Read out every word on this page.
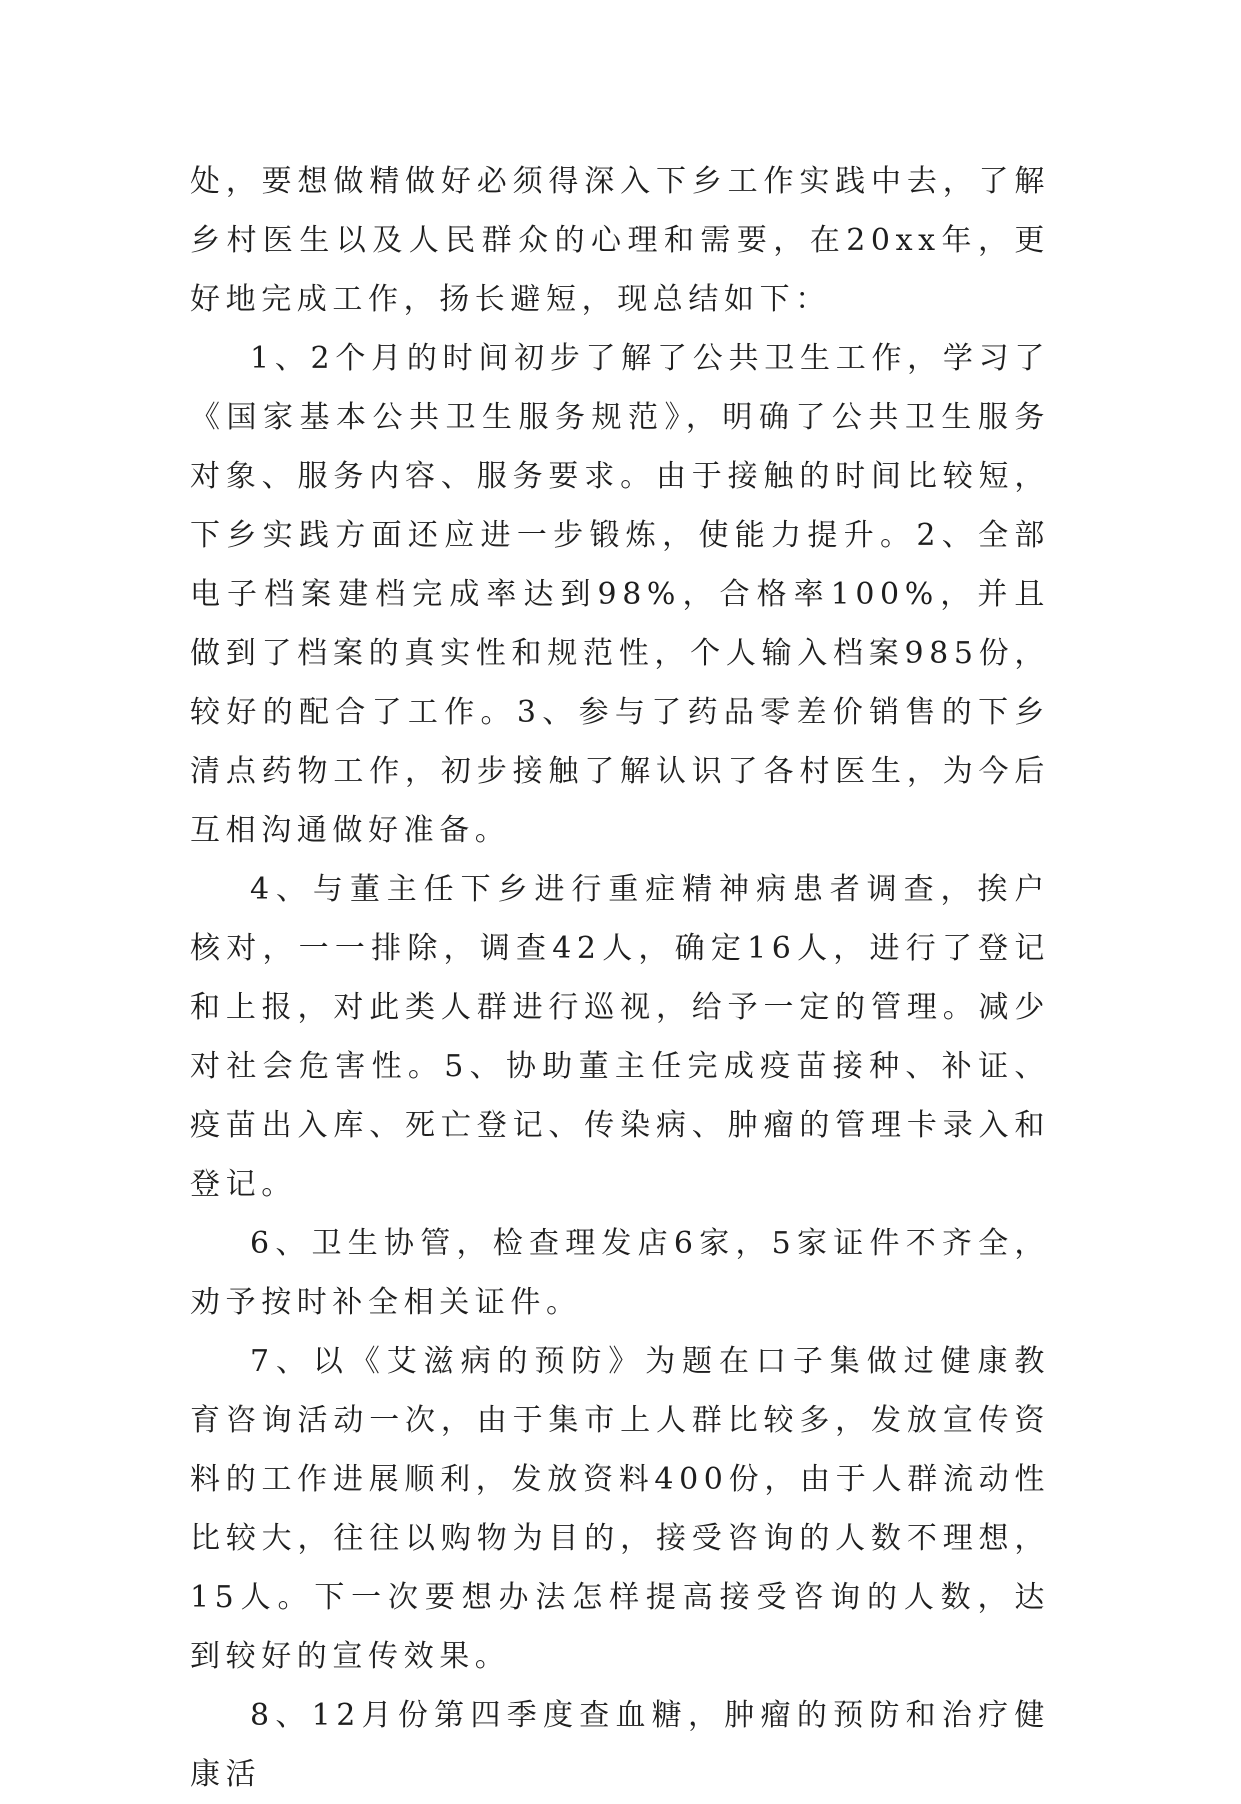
处，要想做精做好必须得深入下乡工作实践中去，了解乡村医生以及人民群众的心理和需要，在20xx年，更好地完成工作，扬长避短，现总结如下：

1、2个月的时间初步了解了公共卫生工作，学习了《国家基本公共卫生服务规范》，明确了公共卫生服务对象、服务内容、服务要求。由于接触的时间比较短，下乡实践方面还应进一步锻炼，使能力提升。2、全部电子档案建档完成率达到98%，合格率100%，并且做到了档案的真实性和规范性，个人输入档案985份，较好的配合了工作。3、参与了药品零差价销售的下乡清点药物工作，初步接触了解认识了各村医生，为今后互相沟通做好准备。

4、与董主任下乡进行重症精神病患者调查，挨户核对，一一排除，调查42人，确定16人，进行了登记和上报，对此类人群进行巡视，给予一定的管理。减少对社会危害性。5、协助董主任完成疫苗接种、补证、疫苗出入库、死亡登记、传染病、肿瘤的管理卡录入和登记。

6、卫生协管，检查理发店6家，5家证件不齐全，劝予按时补全相关证件。

7、以《艾滋病的预防》为题在口子集做过健康教育咨询活动一次，由于集市上人群比较多，发放宣传资料的工作进展顺利，发放资料400份，由于人群流动性比较大，往往以购物为目的，接受咨询的人数不理想，15人。下一次要想办法怎样提高接受咨询的人数，达到较好的宣传效果。

8、12月份第四季度查血糖，肿瘤的预防和治疗健康活
